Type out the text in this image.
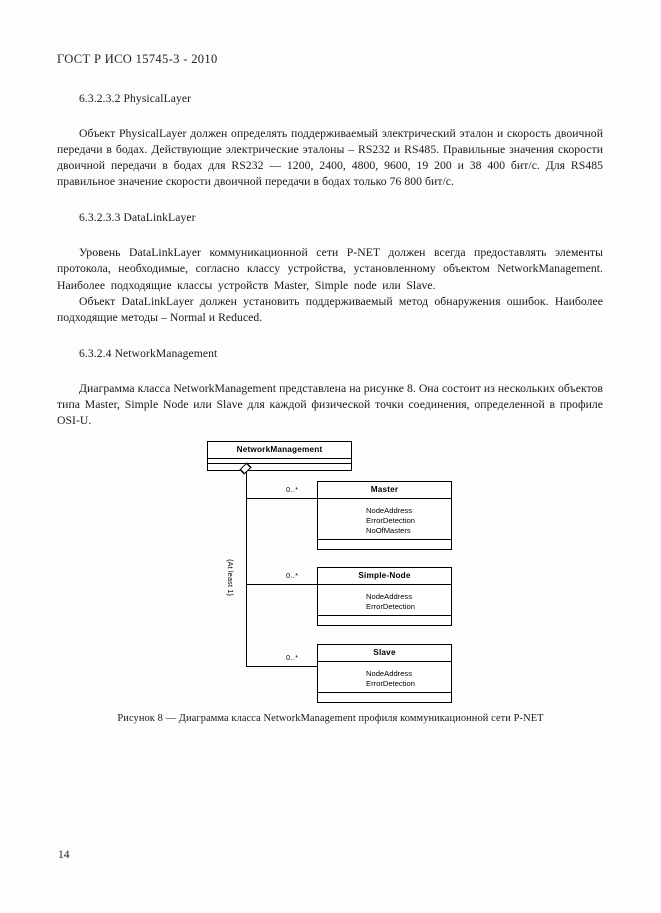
ГОСТ Р ИСО 15745-3 - 2010
6.3.2.3.2 PhysicalLayer

Объект PhysicalLayer должен определять поддерживаемый электрический эталон и скорость двоичной передачи в бодах. Действующие электрические эталоны – RS232 и RS485. Правильные значения скорости двоичной передачи в бодах для RS232 — 1200, 2400, 4800, 9600, 19 200 и 38 400 бит/с. Для RS485 правильное значение скорости двоичной передачи в бодах только 76 800 бит/с.

6.3.2.3.3 DataLinkLayer

Уровень DataLinkLayer коммуникационной сети P-NET должен всегда предоставлять элементы протокола, необходимые, согласно классу устройства, установленному объектом NetworkManagement. Наиболее подходящие классы устройств Master, Simple node или Slave.

Объект DataLinkLayer должен установить поддерживаемый метод обнаружения ошибок. Наиболее подходящие методы – Normal и Reduced.

6.3.2.4 NetworkManagement

Диаграмма класса NetworkManagement представлена на рисунке 8. Она состоит из нескольких объектов типа Master, Simple Node или Slave для каждой физической точки соединения, определенной в профиле OSI-U.

NetworkManagement
0..*
0..*
0..*
{At least 1}
Master
NodeAddress
ErrorDetection
NoOfMasters
Simple-Node
NodeAddress
ErrorDetection
Slave
NodeAddress
ErrorDetection
Рисунок 8 — Диаграмма класса NetworkManagement профиля коммуникационной сети P-NET
14
